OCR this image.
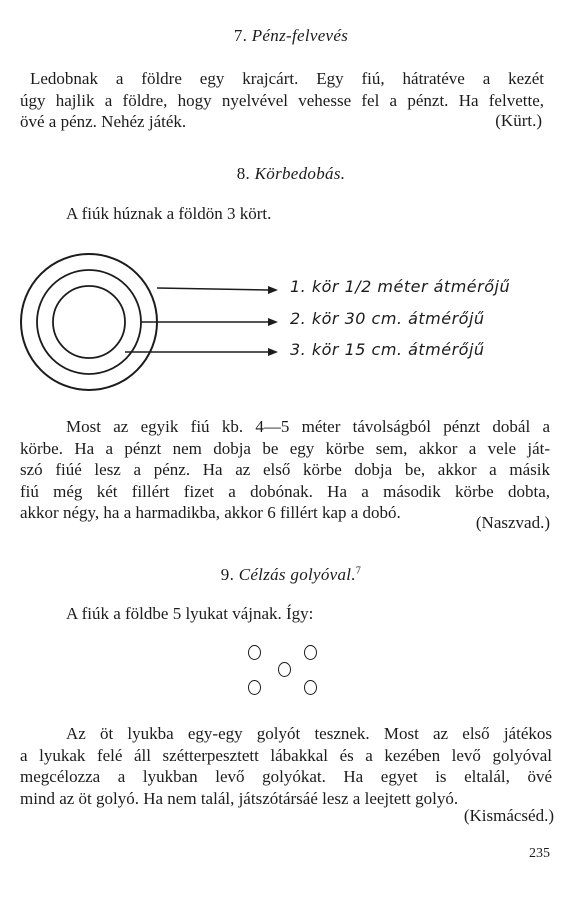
7. Pénz-felvevés
Ledobnak a földre egy krajcárt. Egy fiú, hátratéve a kezét
úgy hajlik a földre, hogy nyelvével vehesse fel a pénzt. Ha felvette,
övé a pénz. Nehéz játék.	(Kürt.)
8. Körbedobás.
A fiúk húznak a földön 3 kört.
1. kör 1/2 méter átmérőjű
2. kör 30 cm. átmérőjű
3. kör 15 cm. átmérőjű
Most az egyik fiú kb. 4—5 méter távolságból pénzt dobál a
körbe. Ha a pénzt nem dobja be egy körbe sem, akkor a vele ját-
szó fiúé lesz a pénz. Ha az első körbe dobja be, akkor a másik
fiú még két fillért fizet a dobónak. Ha a második körbe dobta,
akkor négy, ha a harmadikba, akkor 6 fillért kap a dobó.
(Naszvad.)
9. Célzás golyóval.$^7$
A fiúk a földbe 5 lyukat vájnak. Így:
Az öt lyukba egy-egy golyót tesznek. Most az első játékos
a lyukak felé áll szétterpesztett lábakkal és a kezében levő golyóval
megcélozza a lyukban levő golyókat. Ha egyet is eltalál, övé
mind az öt golyó. Ha nem talál, játszótársáé lesz a leejtett golyó.
(Kismácséd.)
235
